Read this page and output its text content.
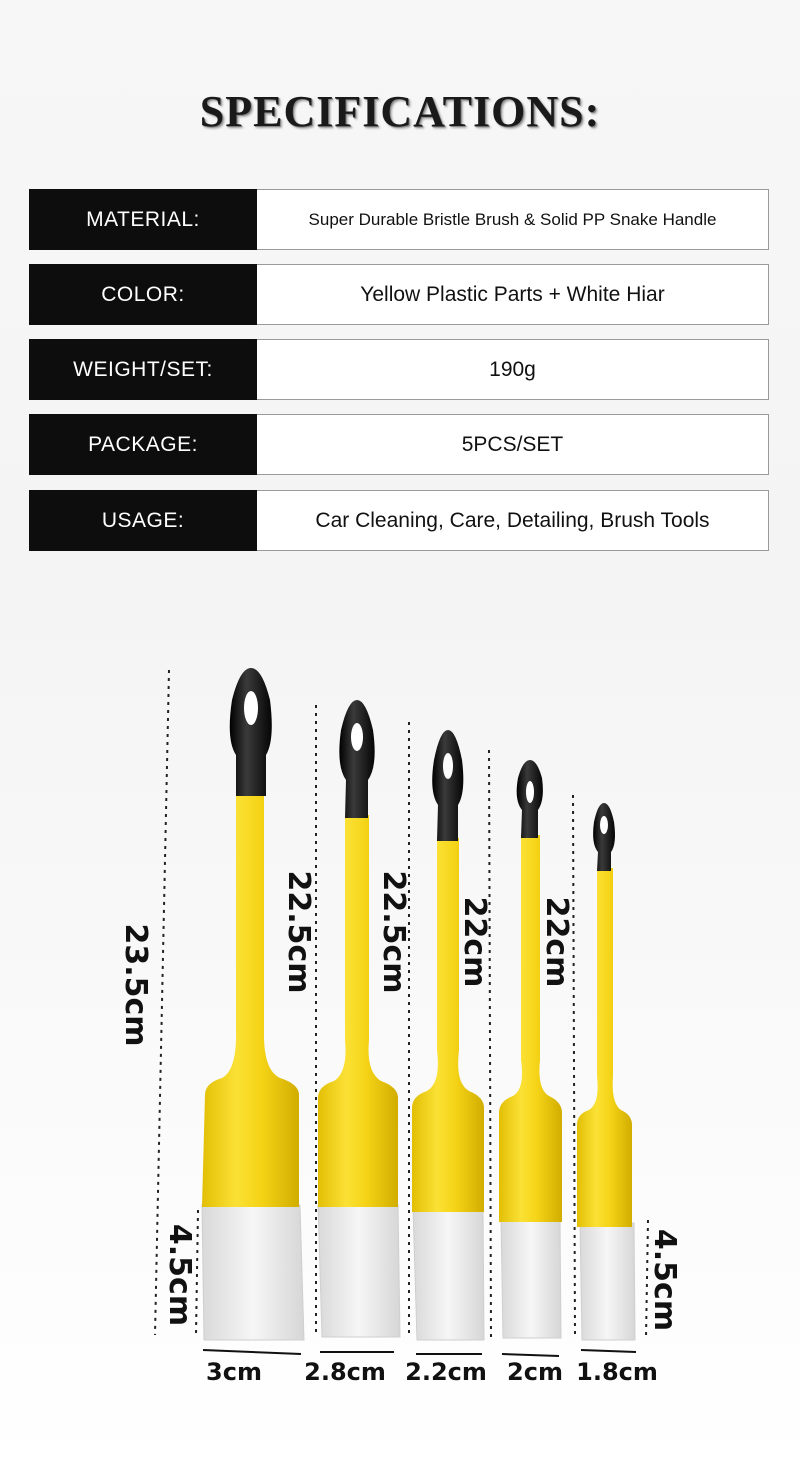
SPECIFICATIONS:
MATERIAL:	Super Durable Bristle Brush & Solid PP Snake Handle
COLOR:	Yellow Plastic Parts + White Hiar
WEIGHT/SET:	190g
PACKAGE:	5PCS/SET
USAGE:	Car Cleaning, Care, Detailing, Brush Tools
23.5cm	22.5cm 22.5cm 22cm 22cm
4.5cm	4.5cm
3cm 2.8cm 2.2cm 2cm 1.8cm
